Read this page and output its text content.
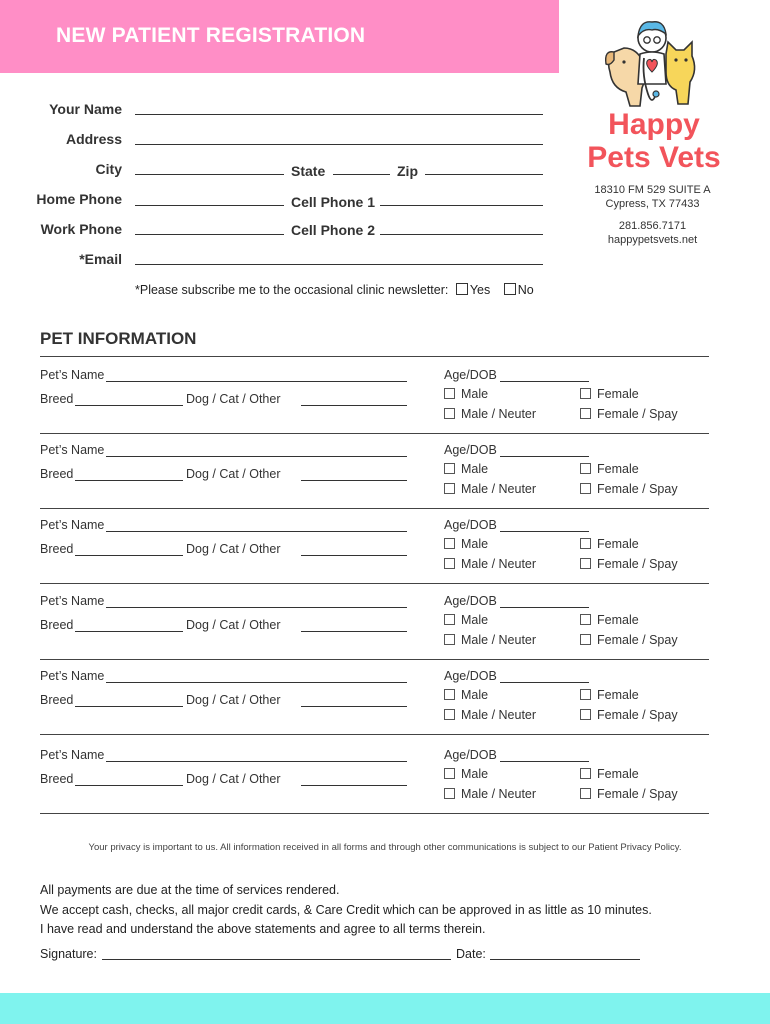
NEW PATIENT REGISTRATION
Happy
Pets Vets
18310 FM 529 SUITE A
Cypress, TX 77433
281.856.7171
happypetsvets.net
Your Name
Address
City	State	Zip
Home Phone	Cell Phone 1
Work Phone	Cell Phone 2
*Email
*Please subscribe me to the occasional clinic newsletter: Yes No
PET INFORMATION
Pet’s Name
Breed	Dog / Cat / Other
Age/DOB
Male	Female
Male / Neuter	Female / Spay
Pet’s Name
Breed	Dog / Cat / Other
Age/DOB
Male	Female
Male / Neuter	Female / Spay
Pet’s Name
Breed	Dog / Cat / Other
Age/DOB
Male	Female
Male / Neuter	Female / Spay
Pet’s Name
Breed	Dog / Cat / Other
Age/DOB
Male	Female
Male / Neuter	Female / Spay
Pet’s Name
Breed	Dog / Cat / Other
Age/DOB
Male	Female
Male / Neuter	Female / Spay
Pet’s Name
Breed	Dog / Cat / Other
Age/DOB
Male	Female
Male / Neuter	Female / Spay
Your privacy is important to us. All information received in all forms and through other communications is subject to our Patient Privacy Policy.
All payments are due at the time of services rendered.
We accept cash, checks, all major credit cards, & Care Credit which can be approved in as little as 10 minutes.
I have read and understand the above statements and agree to all terms therein.
Signature:	Date:
